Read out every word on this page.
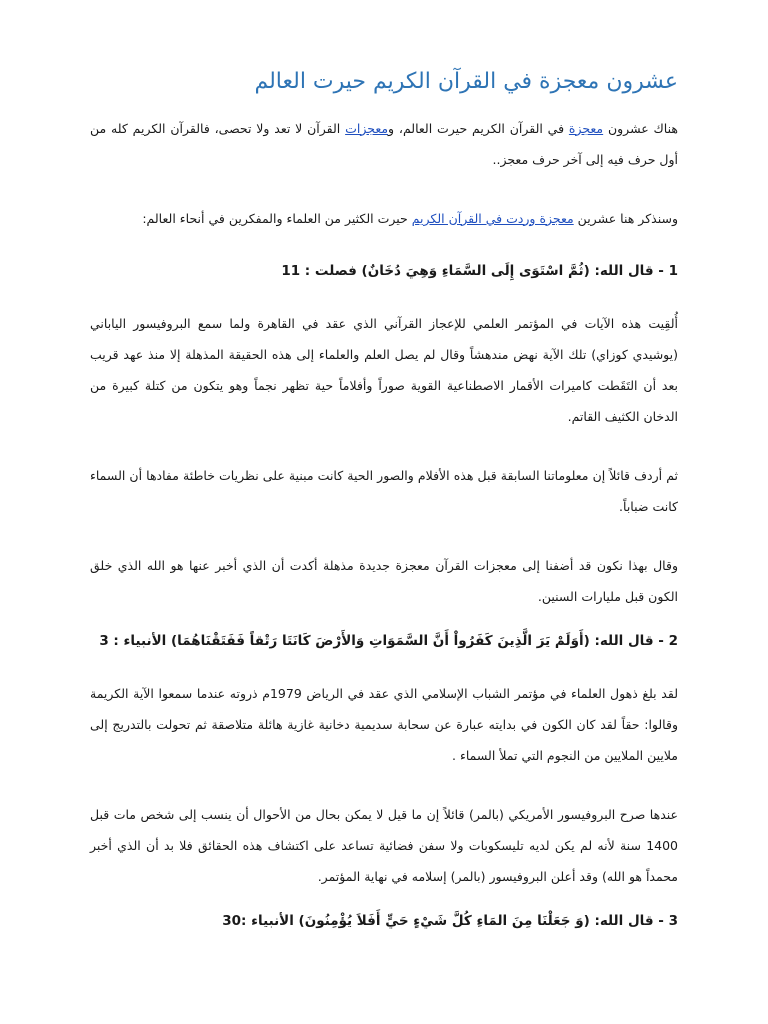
عشرون معجزة في القرآن الكريم حيرت العالم

هناك عشرون معجزة في القرآن الكريم حيرت العالم، ومعجزات القرآن لا تعد ولا تحصى، فالقرآن الكريم كله من أول حرف فيه إلى آخر حرف معجز..

وسنذكر هنا عشرين معجزة وردت في القرآن الكريم حيرت الكثير من العلماء والمفكرين في أنحاء العالم:

1 - قال الله: (ثُمَّ اسْتَوَى إِلَى السَّمَاءِ وَهِيَ دُخَانٌ) فصلت : 11

أُلقِيت هذه الآيات في المؤتمر العلمي للإعجاز القرآني الذي عقد في القاهرة ولما سمع البروفيسور الياباني (يوشيدي كوزاي) تلك الآية نهض مندهشاً وقال لم يصل العلم والعلماء إلى هذه الحقيقة المذهلة إلا منذ عهد قريب بعد أن التَقَطت كاميرات الأقمار الاصطناعية القوية صوراً وأفلاماً حية تظهر نجماً وهو يتكون من كتلة كبيرة من الدخان الكثيف القاتم.

ثم أردف قائلاً إن معلوماتنا السابقة قبل هذه الأفلام والصور الحية كانت مبنية على نظريات خاطئة مفادها أن السماء كانت ضباباً.

وقال بهذا نكون قد أضفنا إلى معجزات القرآن معجزة جديدة مذهلة أكدت أن الذي أخبر عنها هو الله الذي خلق الكون قبل مليارات السنين.

2 - قال الله: (أَوَلَمْ يَرَ الَّذِينَ كَفَرُواْ أَنَّ السَّمَوَاتِ وَالأَرْضَ كَانَتَا رَتْقاً فَفَتَقْنَاهُمَا) الأنبياء : 3

لقد بلغ ذهول العلماء في مؤتمر الشباب الإسلامي الذي عقد في الرياض 1979م ذروته عندما سمعوا الآية الكريمة وقالوا: حقاً لقد كان الكون في بدايته عبارة عن سحابة سديمية دخانية غازية هائلة متلاصقة ثم تحولت بالتدريج إلى ملايين الملايين من النجوم التي تملأ السماء .

عندها صرح البروفيسور الأمريكي (بالمر) قائلاً إن ما قيل لا يمكن بحال من الأحوال أن ينسب إلى شخص مات قبل 1400 سنة لأنه لم يكن لديه تليسكوبات ولا سفن فضائية تساعد على اكتشاف هذه الحقائق فلا بد أن الذي أخبر محمداً هو الله) وقد أعلن البروفيسور (بالمر) إسلامه في نهاية المؤتمر.

3 - قال الله: (وَ جَعَلْنَا مِنَ المَاءِ كُلَّ شَيْءٍ حَيٍّ أَفَلاَ يُؤْمِنُونَ) الأنبياء :30
